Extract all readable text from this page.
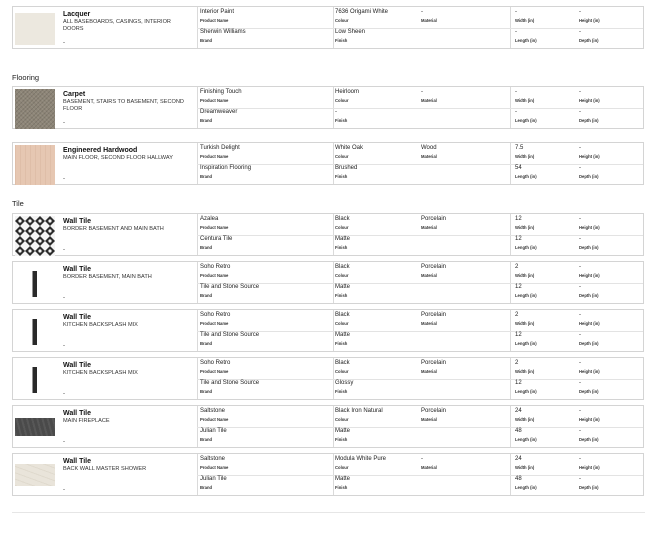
Flooring
Tile
Lacquer
ALL BASEBOARDS, CASINGS, INTERIOR DOORS
-
Interior Paint
Product Name
Sherwin Williams
Brand
7636 Origami White
Colour
Low Sheen
Finish
-
Material
-
Width (in)
-
Length (in)
-
Height (in)
-
Depth (in)
Carpet
BASEMENT, STAIRS TO BASEMENT, SECOND FLOOR
-
Finishing Touch
Product Name
Dreamweaver
Brand
Heirloom
Colour
-
Finish
-
Material
-
Width (in)
-
Length (in)
-
Height (in)
-
Depth (in)
Engineered Hardwood
MAIN FLOOR, SECOND FLOOR HALLWAY
-
Turkish Delight
Product Name
Inspiration Flooring
Brand
White Oak
Colour
Brushed
Finish
Wood
Material
7.5
Width (in)
54
Length (in)
-
Height (in)
-
Depth (in)
Wall Tile
BORDER BASEMENT AND MAIN BATH
-
Azalea
Product Name
Centura Tile
Brand
Black
Colour
Matte
Finish
Porcelain
Material
12
Width (in)
12
Length (in)
-
Height (in)
-
Depth (in)
Wall Tile
BORDER BASEMENT, MAIN BATH
-
Soho Retro
Product Name
Tile and Stone Source
Brand
Black
Colour
Matte
Finish
Porcelain
Material
2
Width (in)
12
Length (in)
-
Height (in)
-
Depth (in)
Wall Tile
KITCHEN BACKSPLASH MIX
-
Soho Retro
Product Name
Tile and Stone Source
Brand
Black
Colour
Matte
Finish
Porcelain
Material
2
Width (in)
12
Length (in)
-
Height (in)
-
Depth (in)
Wall Tile
KITCHEN BACKSPLASH MIX
-
Soho Retro
Product Name
Tile and Stone Source
Brand
Black
Colour
Glossy
Finish
Porcelain
Material
2
Width (in)
12
Length (in)
-
Height (in)
-
Depth (in)
Wall Tile
MAIN FIREPLACE
-
Saltstone
Product Name
Julian Tile
Brand
Black Iron Natural
Colour
Matte
Finish
Porcelain
Material
24
Width (in)
48
Length (in)
-
Height (in)
-
Depth (in)
Wall Tile
BACK WALL MASTER SHOWER
-
Saltstone
Product Name
Julian Tile
Brand
Modula White Pure
Colour
Matte
Finish
-
Material
24
Width (in)
48
Length (in)
-
Height (in)
-
Depth (in)
